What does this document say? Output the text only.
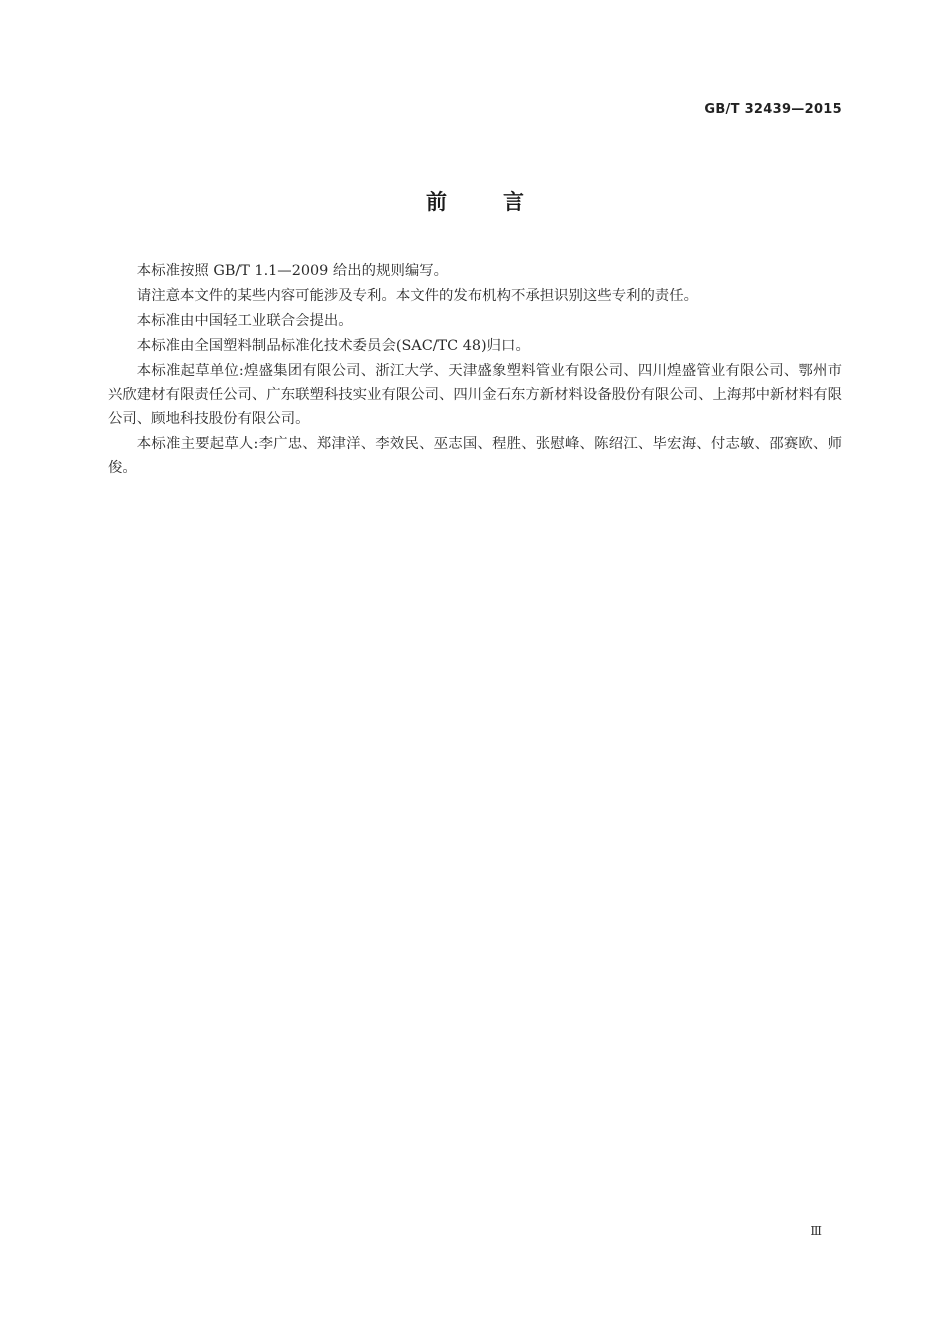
GB/T 32439—2015
前言

本标准按照 GB/T 1.1—2009 给出的规则编写。

请注意本文件的某些内容可能涉及专利。本文件的发布机构不承担识别这些专利的责任。

本标准由中国轻工业联合会提出。

本标准由全国塑料制品标准化技术委员会(SAC/TC 48)归口。

本标准起草单位:煌盛集团有限公司、浙江大学、天津盛象塑料管业有限公司、四川煌盛管业有限公司、鄂州市兴欣建材有限责任公司、广东联塑科技实业有限公司、四川金石东方新材料设备股份有限公司、上海邦中新材料有限公司、顾地科技股份有限公司。

本标准主要起草人:李广忠、郑津洋、李效民、巫志国、程胜、张慰峰、陈绍江、毕宏海、付志敏、邵赛欧、师俊。

Ⅲ
